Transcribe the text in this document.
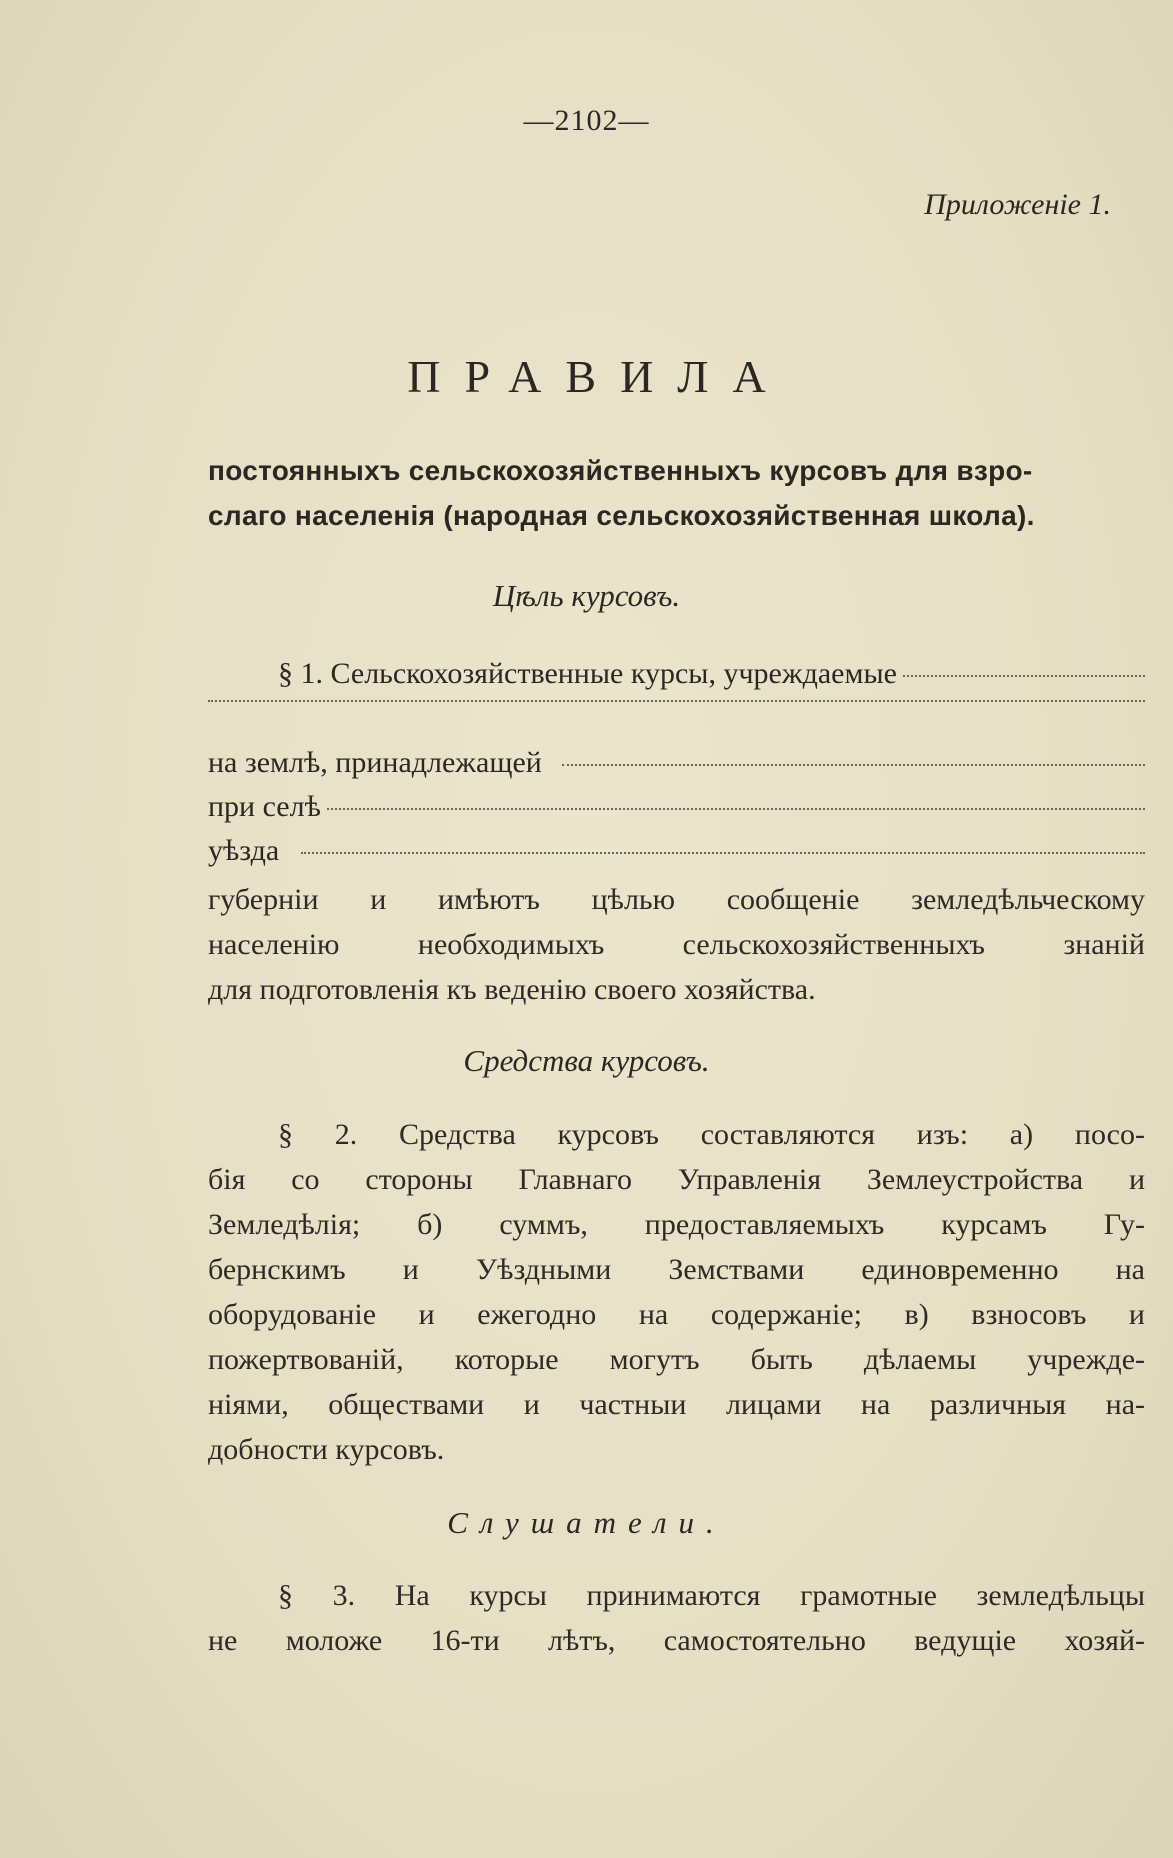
—2102—
Приложенiе 1.
ПРАВИЛА
постоянныхъ сельскохозяйственныхъ курсовъ для взро-
слаго населенiя (народная сельскохозяйственная школа).
Цѣль курсовъ.
§ 1. Сельскохозяйственные курсы, учреждаемые
на землѣ, принадлежащей
при селѣ
уѣзда
губернiи и имѣютъ цѣлью сообщенiе земледѣльческому
населенiю необходимыхъ сельскохозяйственныхъ знанiй
для подготовленiя къ веденiю своего хозяйства.
Средства курсовъ.
§ 2. Средства курсовъ составляются изъ: а) посо-
бiя со стороны Главнаго Управленiя Землеустройства и
Земледѣлiя; б) суммъ, предоставляемыхъ курсамъ Гу-
бернскимъ и Уѣздными Земствами единовременно на
оборудованiе и ежегодно на содержанiе; в) взносовъ и
пожертвованiй, которые могутъ быть дѣлаемы учрежде-
нiями, обществами и частныи лицами на различныя на-
добности курсовъ.
Слушатели.
§ 3. На курсы принимаются грамотные земледѣльцы
не моложе 16-ти лѣтъ, самостоятельно ведущiе хозяй-
